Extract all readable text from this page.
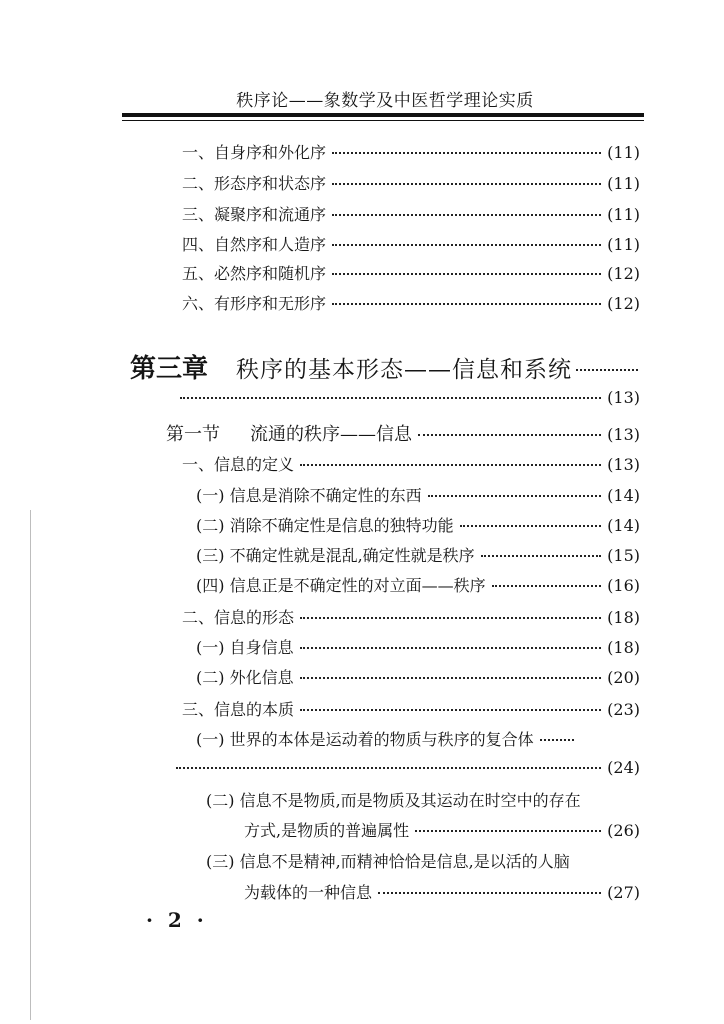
秩序论——象数学及中医哲学理论实质
一、自身序和外化序	(11)
二、形态序和状态序	(11)
三、凝聚序和流通序	(11)
四、自然序和人造序	(11)
五、必然序和随机序	(12)
六、有形序和无形序	(12)
第三章 秩序的基本形态——信息和系统
(13)
第一节 流通的秩序——信息	(13)
一、信息的定义	(13)
(一) 信息是消除不确定性的东西	(14)
(二) 消除不确定性是信息的独特功能	(14)
(三) 不确定性就是混乱,确定性就是秩序	(15)
(四) 信息正是不确定性的对立面——秩序	(16)
二、信息的形态	(18)
(一) 自身信息	(18)
(二) 外化信息	(20)
三、信息的本质	(23)
(一) 世界的本体是运动着的物质与秩序的复合体
(24)
(二) 信息不是物质,而是物质及其运动在时空中的存在
方式,是物质的普遍属性	(26)
(三) 信息不是精神,而精神恰恰是信息,是以活的人脑
为载体的一种信息	(27)
· 2 ·
